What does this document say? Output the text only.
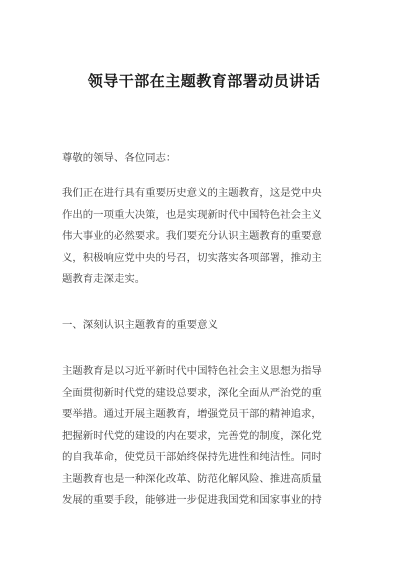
领导干部在主题教育部署动员讲话
尊敬的领导、各位同志：
我们正在进行具有重要历史意义的主题教育，这是党中央
作出的一项重大决策，也是实现新时代中国特色社会主义
伟大事业的必然要求。我们要充分认识主题教育的重要意
义，积极响应党中央的号召，切实落实各项部署，推动主
题教育走深走实。
一、深刻认识主题教育的重要意义
主题教育是以习近平新时代中国特色社会主义思想为指导
全面贯彻新时代党的建设总要求，深化全面从严治党的重
要举措。通过开展主题教育，增强党员干部的精神追求，
把握新时代党的建设的内在要求，完善党的制度，深化党
的自我革命，使党员干部始终保持先进性和纯洁性。同时
主题教育也是一种深化改革、防范化解风险、推进高质量
发展的重要手段，能够进一步促进我国党和国家事业的持
